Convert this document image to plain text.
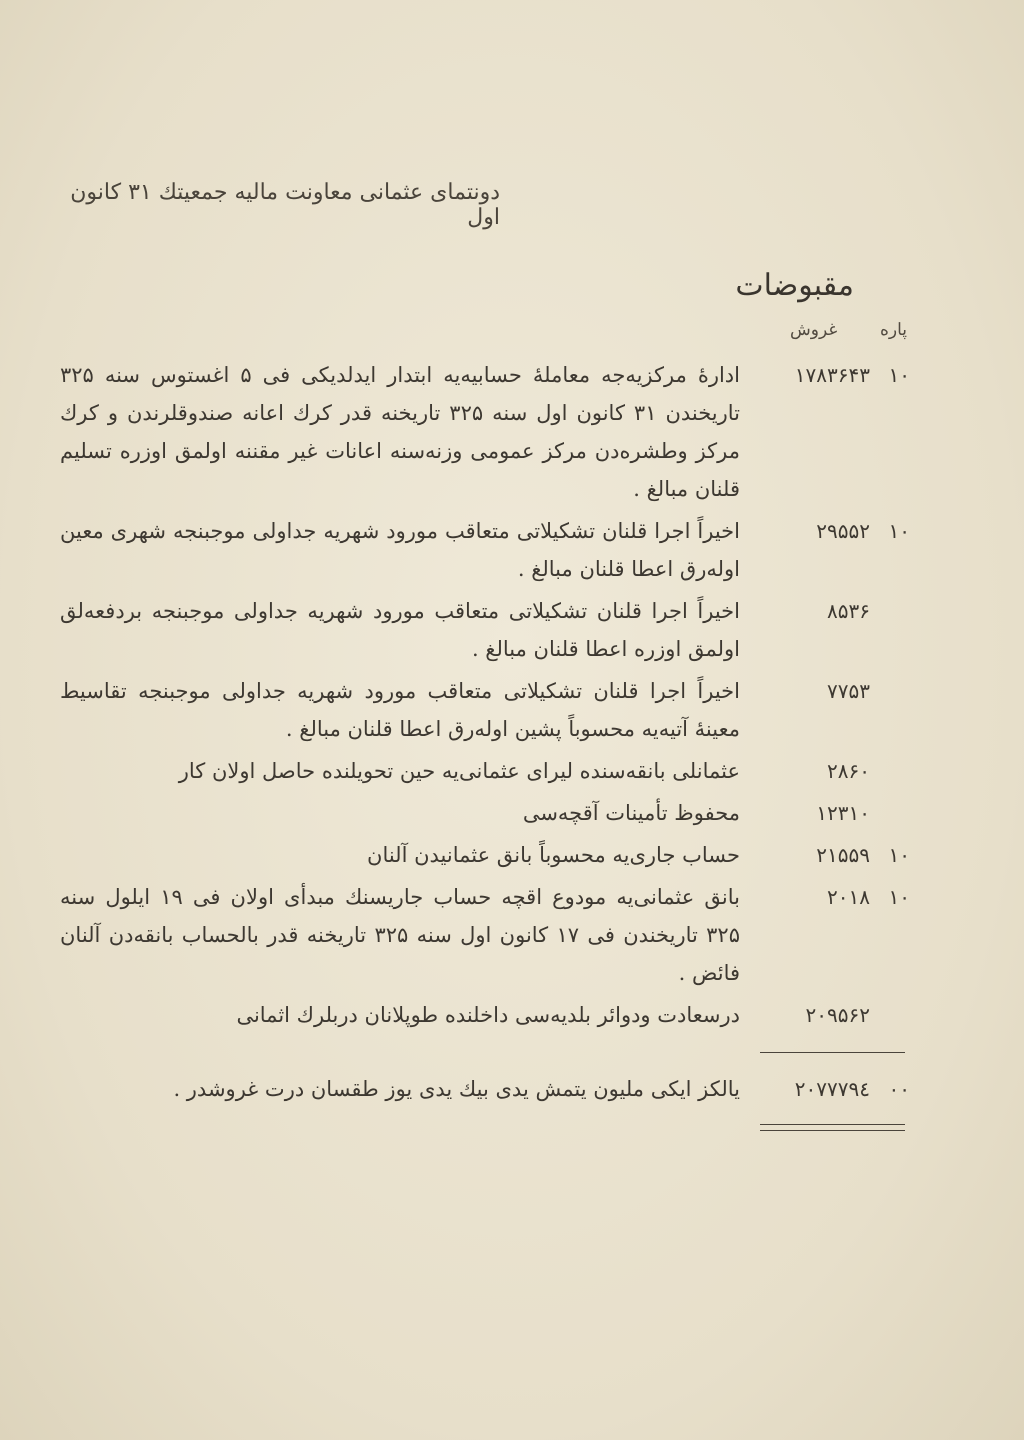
دونتمای عثمانی معاونت ماليه جمعيتك ۳۱ كانون اول
مقبوضات
پاره
غروش
ادارهٔ مركزيه‌جه معاملهٔ حسابيه‌يه ابتدار ايدلديكی فی ۵ اغستوس سنه ۳۲۵ تاريخندن ۳۱ كانون اول سنه ۳۲۵ تاريخنه قدر كرك اعانه صندوقلرندن و كرك مركز وطشره‌دن مركز عمومی وزنه‌سنه اعانات غير مقننه اولمق اوزره تسليم قلنان مبالغ .
۱۷۸۳۶۴۳ ۱۰
اخيراً اجرا قلنان تشكيلاتی متعاقب مورود شهريه جداولی موجبنجه شهری معين اوله‌رق اعطا قلنان مبالغ .
۲۹۵۵۲ ۱۰
اخيراً اجرا قلنان تشكيلاتی متعاقب مورود شهريه جداولی موجبنجه بردفعه‌لق اولمق اوزره اعطا قلنان مبالغ .
۸۵۳۶
اخيراً اجرا قلنان تشكيلاتی متعاقب مورود شهريه جداولی موجبنجه تقاسيط معينهٔ آتيه‌يه محسوباً پشين اوله‌رق اعطا قلنان مبالغ .
۷۷۵۳
عثمانلی بانقه‌سنده ليرای عثمانی‌يه حين تحويلنده حاصل اولان كار	۲۸۶۰
محفوظ تأمينات آقچه‌سی	۱۲۳۱۰
حساب جاری‌يه محسوباً بانق عثمانيدن آلنان	۲۱۵۵۹ ۱۰
بانق عثمانی‌يه مودوع اقچه حساب جاريسنك مبدأی اولان فی ۱۹ ايلول سنه ۳۲۵ تاريخندن فی ۱۷ كانون اول سنه ۳۲۵ تاريخنه قدر بالحساب بانقه‌دن آلنان فائض .
۲۰۱۸ ۱۰
درسعادت ودوائر بلديه‌سی داخلنده طوپلانان دربلرك اثمانی	۲۰۹۵۶۲
يالكز ايكی مليون يتمش يدی بيك يدی يوز طقسان درت غروشدر .	۲۰۷۷۷۹٤ ۰۰
